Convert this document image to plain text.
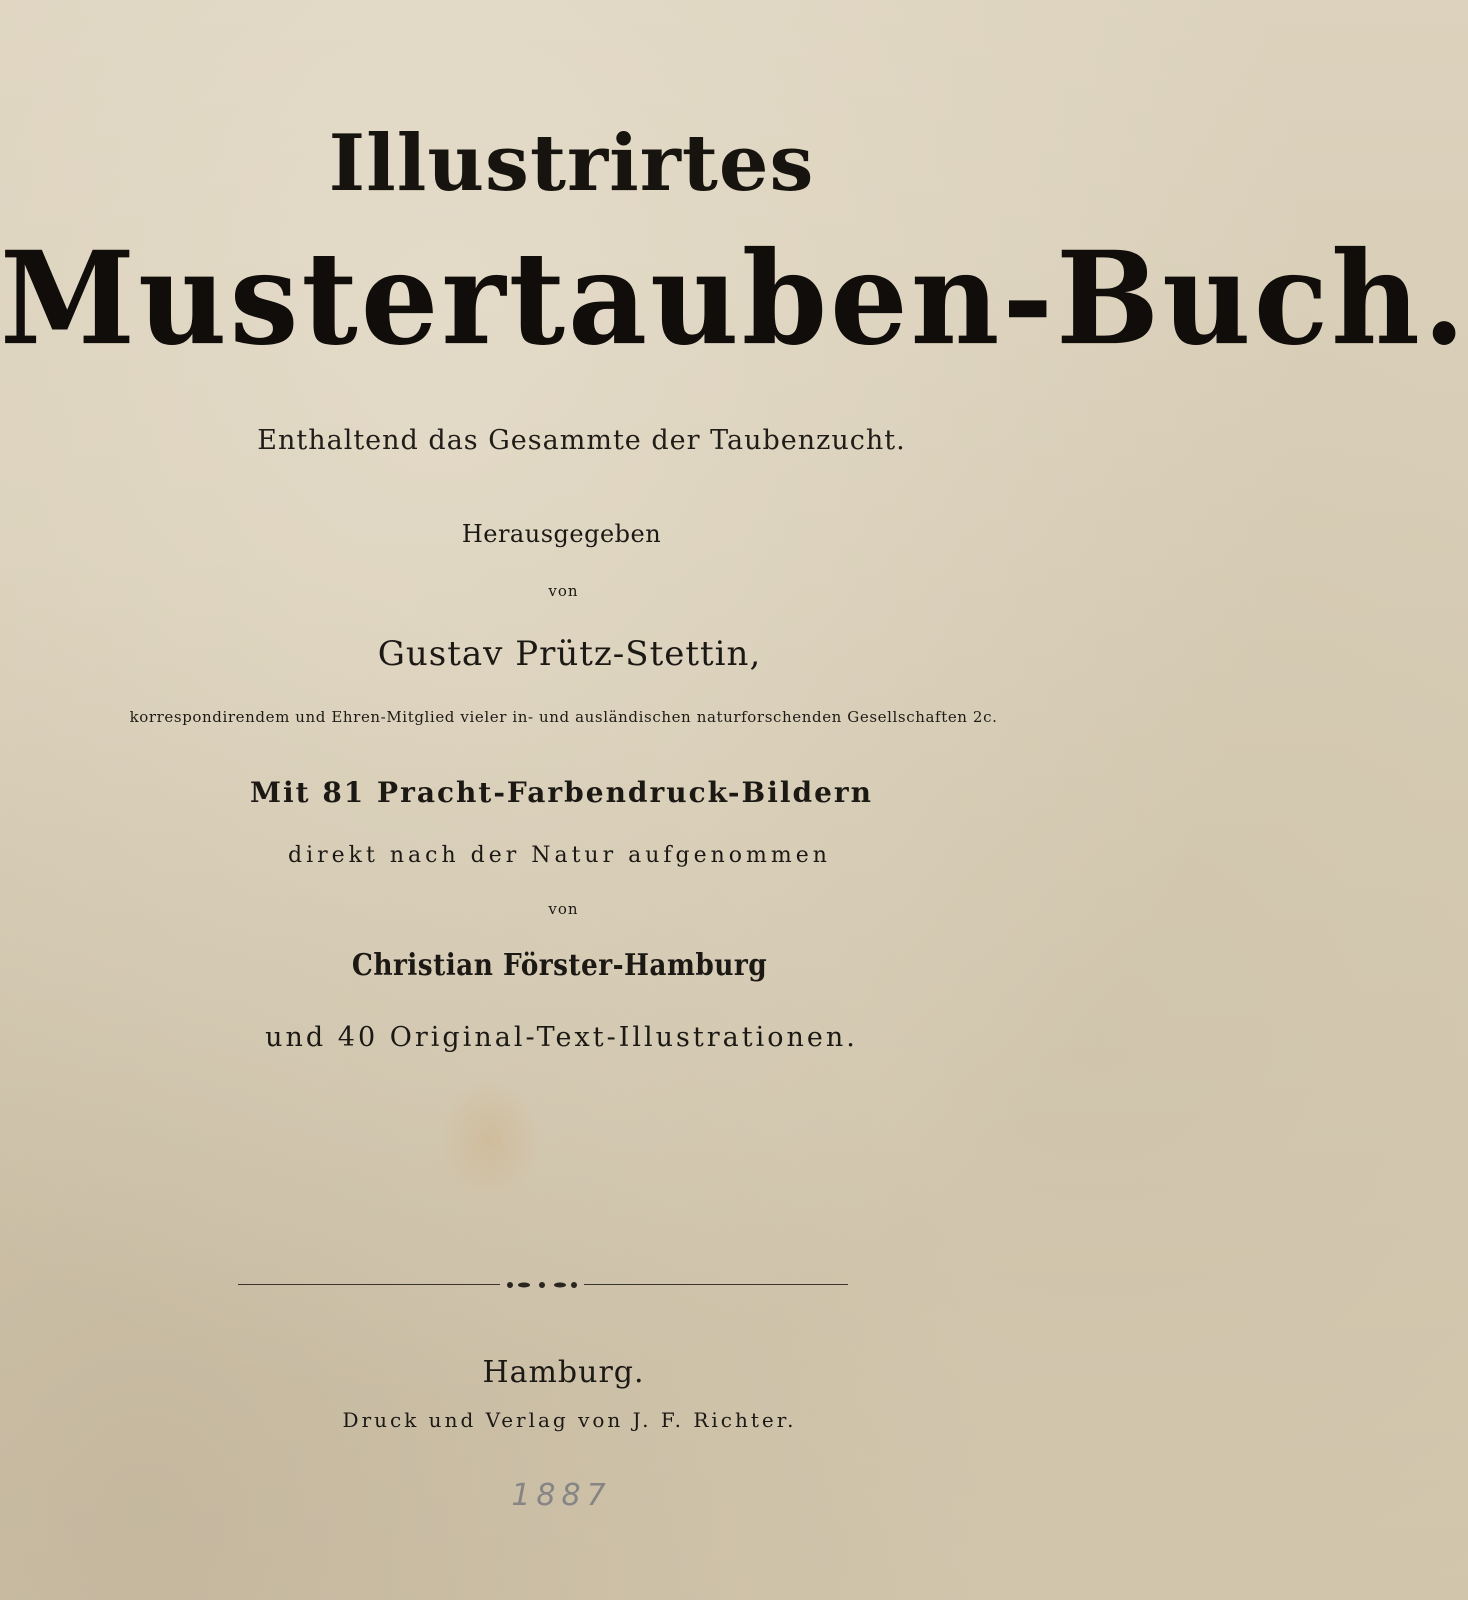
Illustrirtes

Mustertauben-Buch.

Enthaltend das Gesammte der Taubenzucht.

Herausgegeben

von

Gustav Prütz-Stettin,

korrespondirendem und Ehren-Mitglied vieler in- und ausländischen naturforschenden Gesellschaften 2c.

Mit 81 Pracht-Farbendruck-Bildern

direkt nach der Natur aufgenommen

von

Christian Förster-Hamburg

und 40 Original-Text-Illustrationen.

Hamburg.

Druck und Verlag von J. F. Richter.

1887
